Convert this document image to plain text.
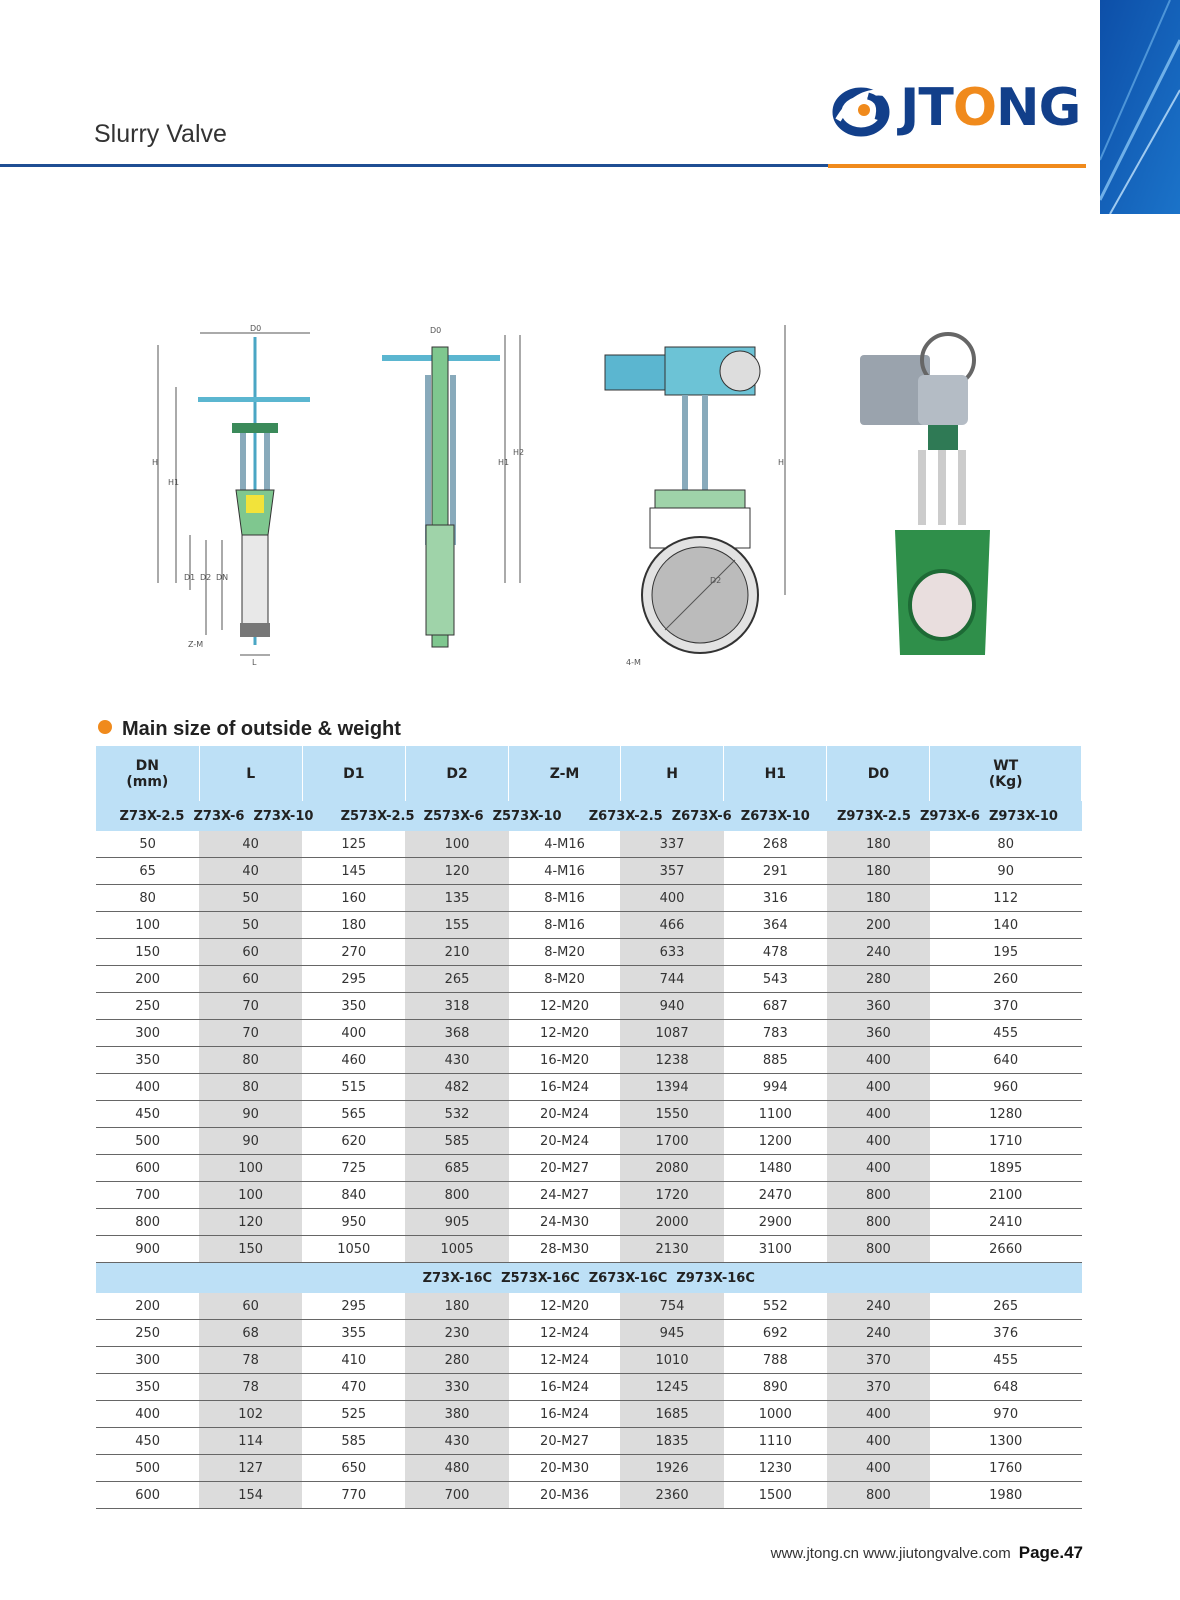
Slurry Valve	JTONG
D0
H
H1
D1 D2 DN
Z-M
L
D0
H1
H2
H
D2
4-M
Main size of outside & weight
DN
(mm)	L	D1	D2	Z-M	H	H1	D0	WT
(Kg)
Z73X-2.5  Z73X-6  Z73X-10      Z573X-2.5  Z573X-6  Z573X-10      Z673X-2.5  Z673X-6  Z673X-10      Z973X-2.5  Z973X-6  Z973X-10								
50	40	125	100	4-M16	337	268	180	80
65	40	145	120	4-M16	357	291	180	90
80	50	160	135	8-M16	400	316	180	112
100	50	180	155	8-M16	466	364	200	140
150	60	270	210	8-M20	633	478	240	195
200	60	295	265	8-M20	744	543	280	260
250	70	350	318	12-M20	940	687	360	370
300	70	400	368	12-M20	1087	783	360	455
350	80	460	430	16-M20	1238	885	400	640
400	80	515	482	16-M24	1394	994	400	960
450	90	565	532	20-M24	1550	1100	400	1280
500	90	620	585	20-M24	1700	1200	400	1710
600	100	725	685	20-M27	2080	1480	400	1895
700	100	840	800	24-M27	1720	2470	800	2100
800	120	950	905	24-M30	2000	2900	800	2410
900	150	1050	1005	28-M30	2130	3100	800	2660
Z73X-16C  Z573X-16C  Z673X-16C  Z973X-16C								
200	60	295	180	12-M20	754	552	240	265
250	68	355	230	12-M24	945	692	240	376
300	78	410	280	12-M24	1010	788	370	455
350	78	470	330	16-M24	1245	890	370	648
400	102	525	380	16-M24	1685	1000	400	970
450	114	585	430	20-M27	1835	1110	400	1300
500	127	650	480	20-M30	1926	1230	400	1760
600	154	770	700	20-M36	2360	1500	800	1980
www.jtong.cn www.jiutongvalve.com Page.47
